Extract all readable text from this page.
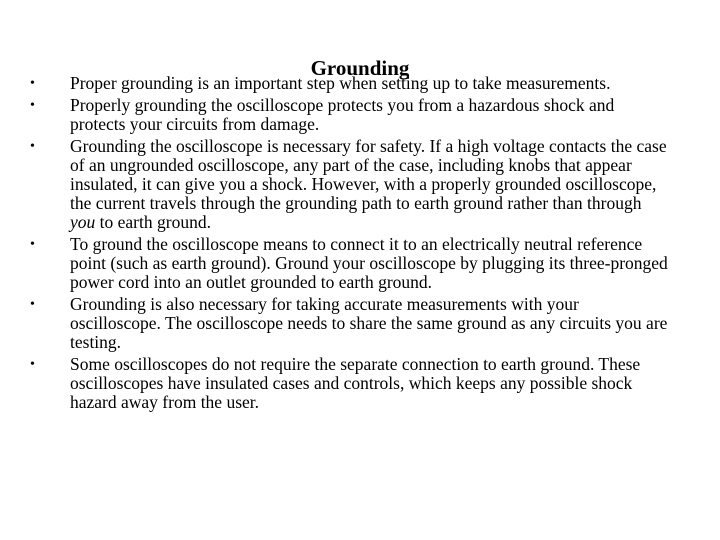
Grounding
•	Proper grounding is an important step when setting up to take measurements.
•	Properly grounding the oscilloscope protects you from a hazardous shock and protects your circuits from damage.
•	Grounding the oscilloscope is necessary for safety. If a high voltage contacts the case of an ungrounded oscilloscope, any part of the case, including knobs that appear insulated, it can give you a shock. However, with a properly grounded oscilloscope, the current travels through the grounding path to earth ground rather than through you to earth ground.
•	To ground the oscilloscope means to connect it to an electrically neutral reference point (such as earth ground). Ground your oscilloscope by plugging its three-pronged power cord into an outlet grounded to earth ground.
•	Grounding is also necessary for taking accurate measurements with your oscilloscope. The oscilloscope needs to share the same ground as any circuits you are testing.
•	Some oscilloscopes do not require the separate connection to earth ground. These oscilloscopes have insulated cases and controls, which keeps any possible shock hazard away from the user.
